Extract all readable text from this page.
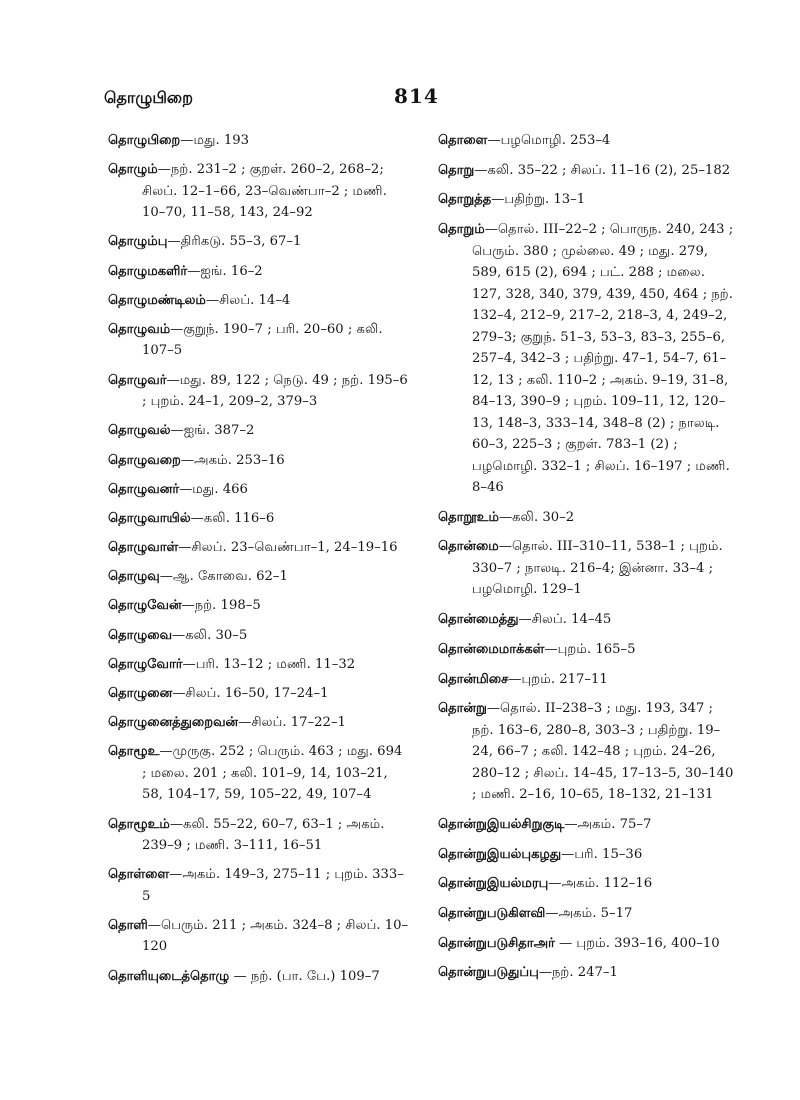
தொழுபிறை	814
தொழுபிறை—மது. 193
தொழும்—நற். 231–2 ; குறள். 260–2, 268–2; சிலப். 12–1–66, 23–வெண்பா–2 ; மணி. 10–70, 11–58, 143, 24–92
தொழும்பு—திரிகடு. 55–3, 67–1
தொழுமகளிர்—ஐங். 16–2
தொழுமண்டிலம்—சிலப். 14–4
தொழுவம்—குறுந். 190–7 ; பரி. 20–60 ; கலி. 107–5
தொழுவர்—மது. 89, 122 ; நெடு. 49 ; நற். 195–6 ; புறம். 24–1, 209–2, 379–3
தொழுவல்—ஐங். 387–2
தொழுவறை—அகம். 253–16
தொழுவனர்—மது. 466
தொழுவாயில்—கலி. 116–6
தொழுவாள்—சிலப். 23–வெண்பா–1, 24–19–16
தொழுவு—ஆ. கோவை. 62–1
தொழுவேன்—நற். 198–5
தொழுவை—கலி. 30–5
தொழுவோர்—பரி. 13–12 ; மணி. 11–32
தொழுனை—சிலப். 16–50, 17–24–1
தொழுனைத்துறைவன்—சிலப். 17–22–1
தொழூஉ—முருகு. 252 ; பெரும். 463 ; மது. 694 ; மலை. 201 ; கலி. 101–9, 14, 103–21, 58, 104–17, 59, 105–22, 49, 107–4
தொழூஉம்—கலி. 55–22, 60–7, 63–1 ; அகம். 239–9 ; மணி. 3–111, 16–51
தொள்ளை—அகம். 149–3, 275–11 ; புறம். 333–5
தொளி—பெரும். 211 ; அகம். 324–8 ; சிலப். 10–120
தொளியுடைத்தொழு — நற். (பா. பே.) 109–7
தொளை—பழமொழி. 253–4
தொறு—கலி. 35–22 ; சிலப். 11–16 (2), 25–182
தொறுத்த—பதிற்று. 13–1
தொறும்—தொல். III–22–2 ; பொருந. 240, 243 ; பெரும். 380 ; முல்லை. 49 ; மது. 279, 589, 615 (2), 694 ; பட். 288 ; மலை. 127, 328, 340, 379, 439, 450, 464 ; நற். 132–4, 212–9, 217–2, 218–3, 4, 249–2, 279–3; குறுந். 51–3, 53–3, 83–3, 255–6, 257–4, 342–3 ; பதிற்று. 47–1, 54–7, 61–12, 13 ; கலி. 110–2 ; அகம். 9–19, 31–8, 84–13, 390–9 ; புறம். 109–11, 12, 120–13, 148–3, 333–14, 348–8 (2) ; நாலடி. 60–3, 225–3 ; குறள். 783–1 (2) ; பழமொழி. 332–1 ; சிலப். 16–197 ; மணி. 8–46
தொறூஉம்—கலி. 30–2
தொன்மை—தொல். III–310–11, 538–1 ; புறம். 330–7 ; நாலடி. 216–4; இன்னா. 33–4 ; பழமொழி. 129–1
தொன்மைத்து—சிலப். 14–45
தொன்மைமாக்கள்—புறம். 165–5
தொன்மிசை—புறம். 217–11
தொன்று—தொல். II–238–3 ; மது. 193, 347 ; நற். 163–6, 280–8, 303–3 ; பதிற்று. 19–24, 66–7 ; கலி. 142–48 ; புறம். 24–26, 280–12 ; சிலப். 14–45, 17–13–5, 30–140 ; மணி. 2–16, 10–65, 18–132, 21–131
தொன்றுஇயல்சிறுகுடி—அகம். 75–7
தொன்றுஇயல்புகழது—பரி. 15–36
தொன்றுஇயல்மரபு—அகம். 112–16
தொன்றுபடுகிளவி—அகம். 5–17
தொன்றுபடுசிதாஅர் — புறம். 393–16, 400–10
தொன்றுபடுதுப்பு—நற். 247–1
